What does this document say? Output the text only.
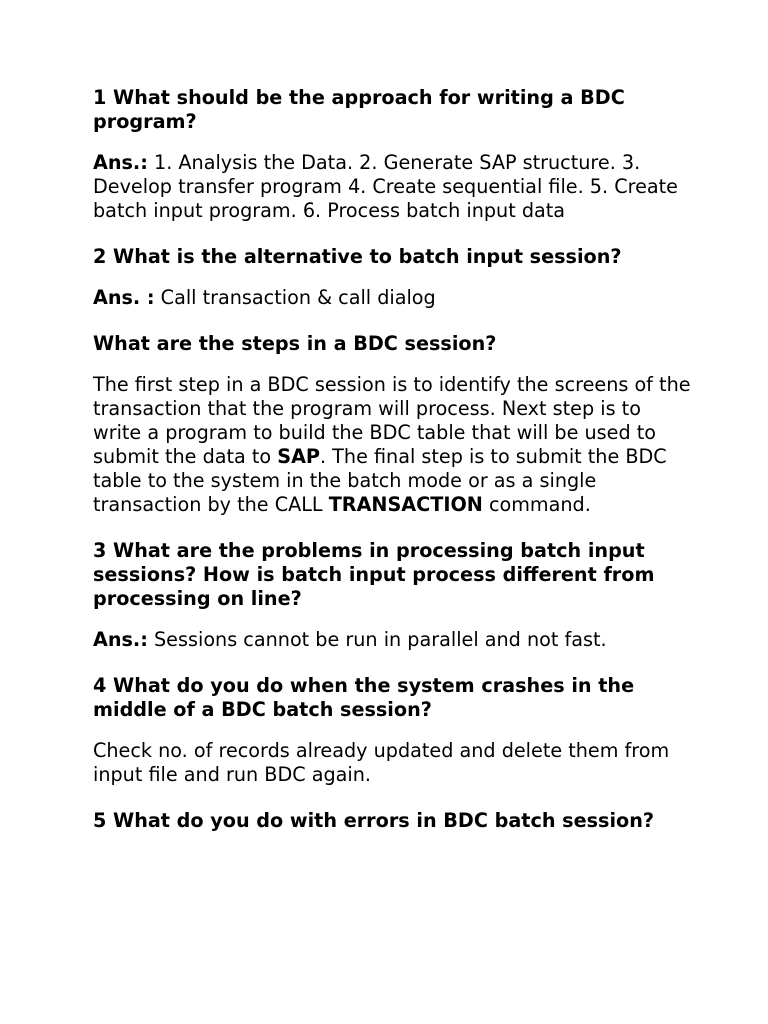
1 What should be the approach for writing a BDC program?
Ans.: 1. Analysis the Data. 2. Generate SAP structure. 3. Develop transfer program 4. Create sequential file. 5. Create batch input program. 6. Process batch input data
2 What is the alternative to batch input session?
Ans. : Call transaction & call dialog
What are the steps in a BDC session?
The first step in a BDC session is to identify the screens of the transaction that the program will process. Next step is to write a program to build the BDC table that will be used to submit the data to SAP. The final step is to submit the BDC table to the system in the batch mode or as a single transaction by the CALL TRANSACTION command.
3 What are the problems in processing batch input sessions? How is batch input process different from processing on line?
Ans.: Sessions cannot be run in parallel and not fast.
4 What do you do when the system crashes in the middle of a BDC batch session?
Check no. of records already updated and delete them from input file and run BDC again.
5 What do you do with errors in BDC batch session?
